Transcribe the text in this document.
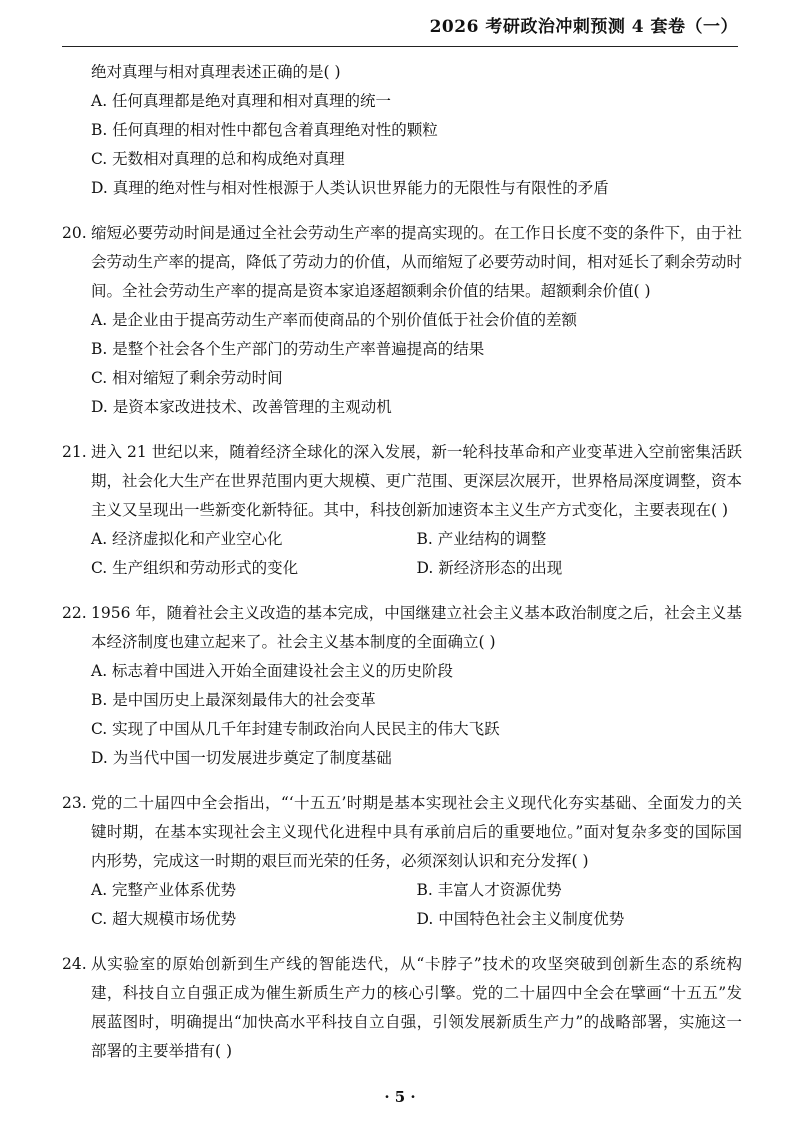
2026 考研政治冲刺预测 4 套卷（一）
绝对真理与相对真理表述正确的是( )
A. 任何真理都是绝对真理和相对真理的统一
B. 任何真理的相对性中都包含着真理绝对性的颗粒
C. 无数相对真理的总和构成绝对真理
D. 真理的绝对性与相对性根源于人类认识世界能力的无限性与有限性的矛盾
20. 缩短必要劳动时间是通过全社会劳动生产率的提高实现的。在工作日长度不变的条件下，由于社会劳动生产率的提高，降低了劳动力的价值，从而缩短了必要劳动时间，相对延长了剩余劳动时间。全社会劳动生产率的提高是资本家追逐超额剩余价值的结果。超额剩余价值( )
A. 是企业由于提高劳动生产率而使商品的个别价值低于社会价值的差额
B. 是整个社会各个生产部门的劳动生产率普遍提高的结果
C. 相对缩短了剩余劳动时间
D. 是资本家改进技术、改善管理的主观动机
21. 进入 21 世纪以来，随着经济全球化的深入发展，新一轮科技革命和产业变革进入空前密集活跃期，社会化大生产在世界范围内更大规模、更广范围、更深层次展开，世界格局深度调整，资本主义又呈现出一些新变化新特征。其中，科技创新加速资本主义生产方式变化，主要表现在( )
A. 经济虚拟化和产业空心化	B. 产业结构的调整
C. 生产组织和劳动形式的变化	D. 新经济形态的出现
22. 1956 年，随着社会主义改造的基本完成，中国继建立社会主义基本政治制度之后，社会主义基本经济制度也建立起来了。社会主义基本制度的全面确立( )
A. 标志着中国进入开始全面建设社会主义的历史阶段
B. 是中国历史上最深刻最伟大的社会变革
C. 实现了中国从几千年封建专制政治向人民民主的伟大飞跃
D. 为当代中国一切发展进步奠定了制度基础
23. 党的二十届四中全会指出，“‘十五五’时期是基本实现社会主义现代化夯实基础、全面发力的关键时期，在基本实现社会主义现代化进程中具有承前启后的重要地位。”面对复杂多变的国际国内形势，完成这一时期的艰巨而光荣的任务，必须深刻认识和充分发挥( )
A. 完整产业体系优势	B. 丰富人才资源优势
C. 超大规模市场优势	D. 中国特色社会主义制度优势
24. 从实验室的原始创新到生产线的智能迭代，从“卡脖子”技术的攻坚突破到创新生态的系统构建，科技自立自强正成为催生新质生产力的核心引擎。党的二十届四中全会在擘画“十五五”发展蓝图时，明确提出“加快高水平科技自立自强，引领发展新质生产力”的战略部署，实施这一部署的主要举措有( )
· 5 ·
